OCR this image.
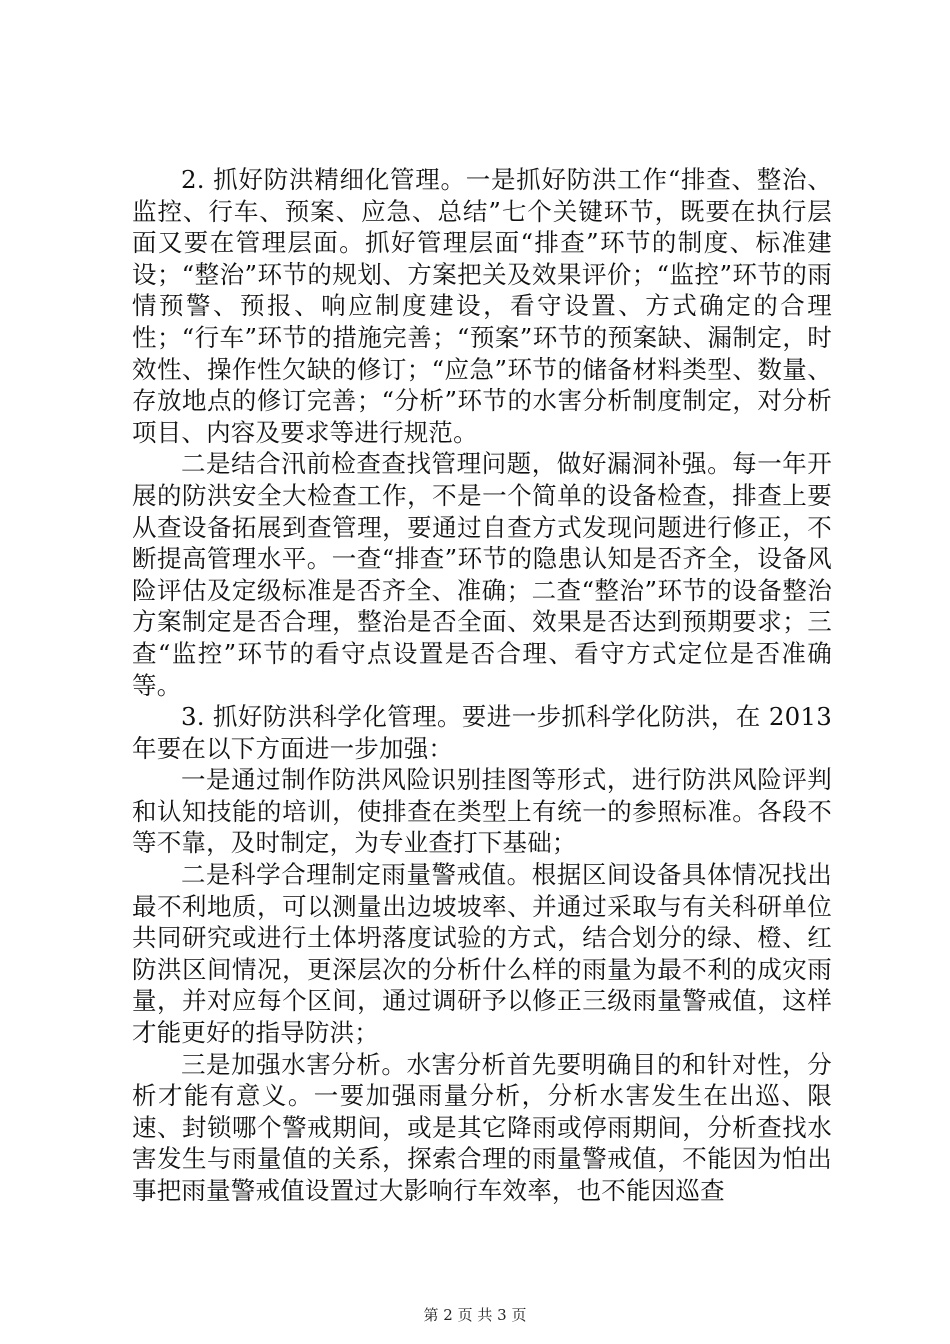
2. 抓好防洪精细化管理。一是抓好防洪工作“排查、整治、监控、行车、预案、应急、总结”七个关键环节，既要在执行层面又要在管理层面。抓好管理层面“排查”环节的制度、标准建设；“整治”环节的规划、方案把关及效果评价；“监控”环节的雨情预警、预报、响应制度建设，看守设置、方式确定的合理性；“行车”环节的措施完善；“预案”环节的预案缺、漏制定，时效性、操作性欠缺的修订；“应急”环节的储备材料类型、数量、存放地点的修订完善；“分析”环节的水害分析制度制定，对分析项目、内容及要求等进行规范。

二是结合汛前检查查找管理问题，做好漏洞补强。每一年开展的防洪安全大检查工作，不是一个简单的设备检查，排查上要从查设备拓展到查管理，要通过自查方式发现问题进行修正，不断提高管理水平。一查“排查”环节的隐患认知是否齐全，设备风险评估及定级标准是否齐全、准确；二查“整治”环节的设备整治方案制定是否合理，整治是否全面、效果是否达到预期要求；三查“监控”环节的看守点设置是否合理、看守方式定位是否准确等。

3. 抓好防洪科学化管理。要进一步抓科学化防洪，在 2013 年要在以下方面进一步加强：

一是通过制作防洪风险识别挂图等形式，进行防洪风险评判和认知技能的培训，使排查在类型上有统一的参照标准。各段不等不靠，及时制定，为专业查打下基础；

二是科学合理制定雨量警戒值。根据区间设备具体情况找出最不利地质，可以测量出边坡坡率、并通过采取与有关科研单位共同研究或进行土体坍落度试验的方式，结合划分的绿、橙、红防洪区间情况，更深层次的分析什么样的雨量为最不利的成灾雨量，并对应每个区间，通过调研予以修正三级雨量警戒值，这样才能更好的指导防洪；

三是加强水害分析。水害分析首先要明确目的和针对性，分析才能有意义。一要加强雨量分析，分析水害发生在出巡、限速、封锁哪个警戒期间，或是其它降雨或停雨期间，分析查找水害发生与雨量值的关系，探索合理的雨量警戒值，不能因为怕出事把雨量警戒值设置过大影响行车效率，也不能因巡查

第 2 页 共 3 页
